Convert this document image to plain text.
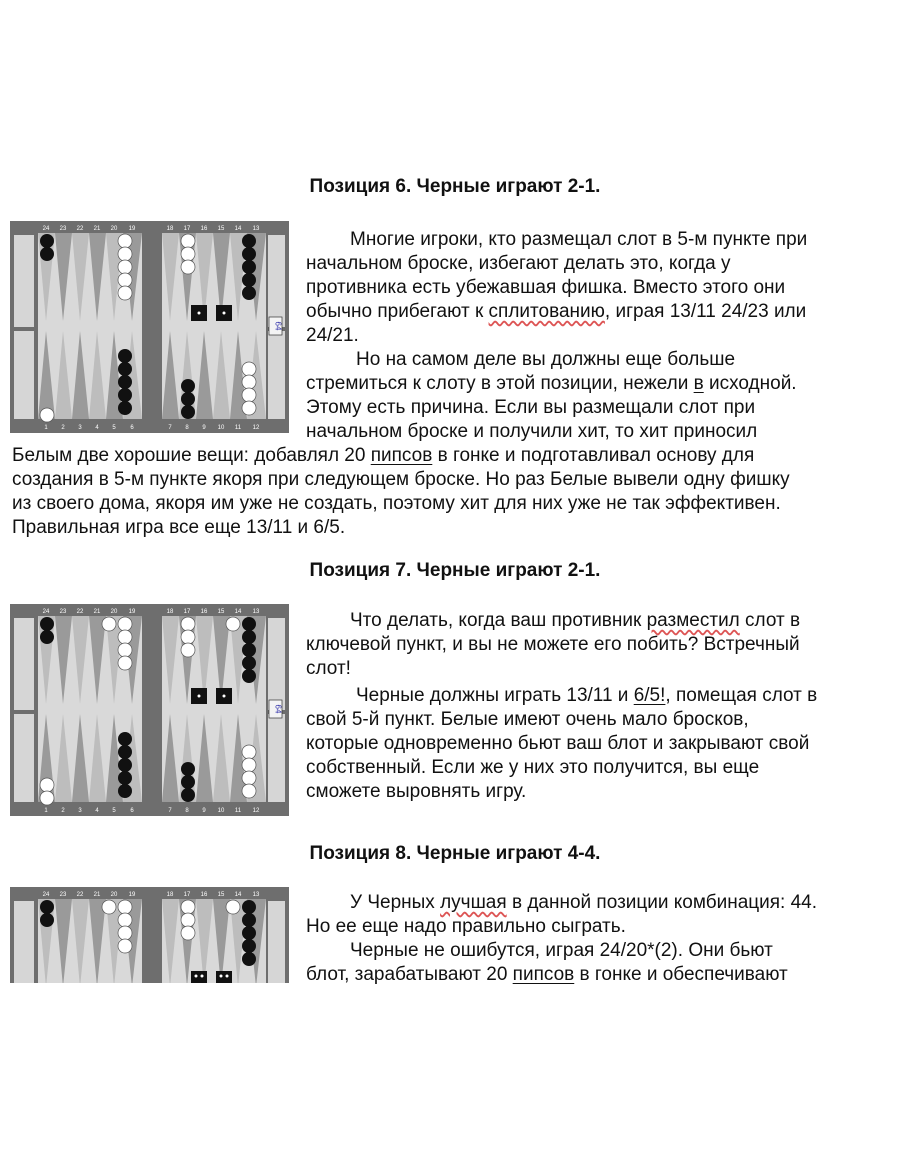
Позиция 6. Черные играют 2-1.
64
24 23 22 21 20 19	18 17 16 15 14 13
1 2 3 4 5 6	7 8 9 10 11 12

Многие игроки, кто размещал слот в 5-м пункте при

начальном броске, избегают делать это, когда у

противника есть убежавшая фишка. Вместо этого они

обычно прибегают к сплитованию, играя 13/11 24/23 или

24/21.

Но на самом деле вы должны еще больше

стремиться к слоту в этой позиции, нежели в исходной.

Этому есть причина. Если вы размещали слот при

начальном броске и получили хит, то хит приносил

Белым две хорошие вещи: добавлял 20 пипсов в гонке и подготавливал основу для

создания в 5-м пункте якоря при следующем броске. Но раз Белые вывели одну фишку

из своего дома, якоря им уже не создать, поэтому хит для них уже не так эффективен.

Правильная игра все еще 13/11 и 6/5.

Позиция 7. Черные играют 2-1.
64
24 23 22 21 20 19	18 17 16 15 14 13
1 2 3 4 5 6	7 8 9 10 11 12

Что делать, когда ваш противник разместил слот в

ключевой пункт, и вы не можете его побить? Встречный

слот!

Черные должны играть 13/11 и 6/5!, помещая слот в

свой 5-й пункт. Белые имеют очень мало бросков,

которые одновременно бьют ваш блот и закрывают свой

собственный. Если же у них это получится, вы еще

сможете выровнять игру.

Позиция 8. Черные играют 4-4.
24 23 22 21 20 19	18 17 16 15 14 13	У Черных лучшая в данной позиции комбинация: 44.

Но ее еще надо правильно сыграть.

Черные не ошибутся, играя 24/20*(2). Они бьют

блот, зарабатывают 20 пипсов в гонке и обеспечивают
